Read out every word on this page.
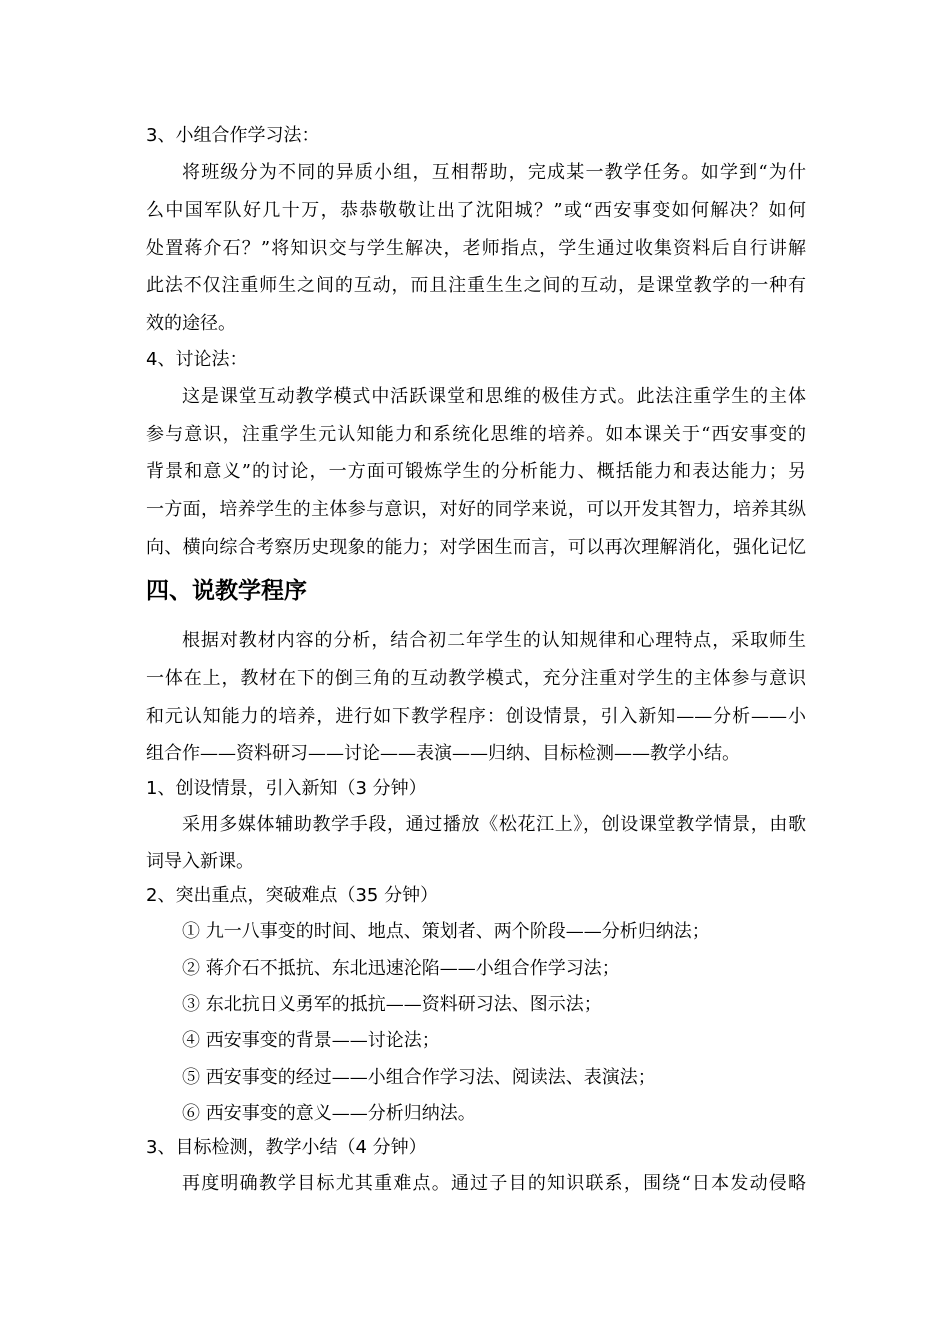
3、小组合作学习法：
将班级分为不同的异质小组，互相帮助，完成某一教学任务。如学到“为什
么中国军队好几十万，恭恭敬敬让出了沈阳城？”或“西安事变如何解决？如何
处置蒋介石？”将知识交与学生解决，老师指点，学生通过收集资料后自行讲解
此法不仅注重师生之间的互动，而且注重生生之间的互动，是课堂教学的一种有
效的途径。
4、讨论法：
这是课堂互动教学模式中活跃课堂和思维的极佳方式。此法注重学生的主体
参与意识，注重学生元认知能力和系统化思维的培养。如本课关于“西安事变的
背景和意义”的讨论，一方面可锻炼学生的分析能力、概括能力和表达能力；另
一方面，培养学生的主体参与意识，对好的同学来说，可以开发其智力，培养其纵
向、横向综合考察历史现象的能力；对学困生而言，可以再次理解消化，强化记忆
四、说教学程序
根据对教材内容的分析，结合初二年学生的认知规律和心理特点，采取师生
一体在上，教材在下的倒三角的互动教学模式，充分注重对学生的主体参与意识
和元认知能力的培养，进行如下教学程序：创设情景，引入新知——分析——小
组合作——资料研习——讨论——表演——归纳、目标检测——教学小结。
1、创设情景，引入新知（3 分钟）
采用多媒体辅助教学手段，通过播放《松花江上》，创设课堂教学情景，由歌
词导入新课。
2、突出重点，突破难点（35 分钟）
① 九一八事变的时间、地点、策划者、两个阶段——分析归纳法；
② 蒋介石不抵抗、东北迅速沦陷——小组合作学习法；
③ 东北抗日义勇军的抵抗——资料研习法、图示法；
④ 西安事变的背景——讨论法；
⑤ 西安事变的经过——小组合作学习法、阅读法、表演法；
⑥ 西安事变的意义——分析归纳法。
3、目标检测，教学小结（4 分钟）
再度明确教学目标尤其重难点。通过子目的知识联系，围绕“日本发动侵略
